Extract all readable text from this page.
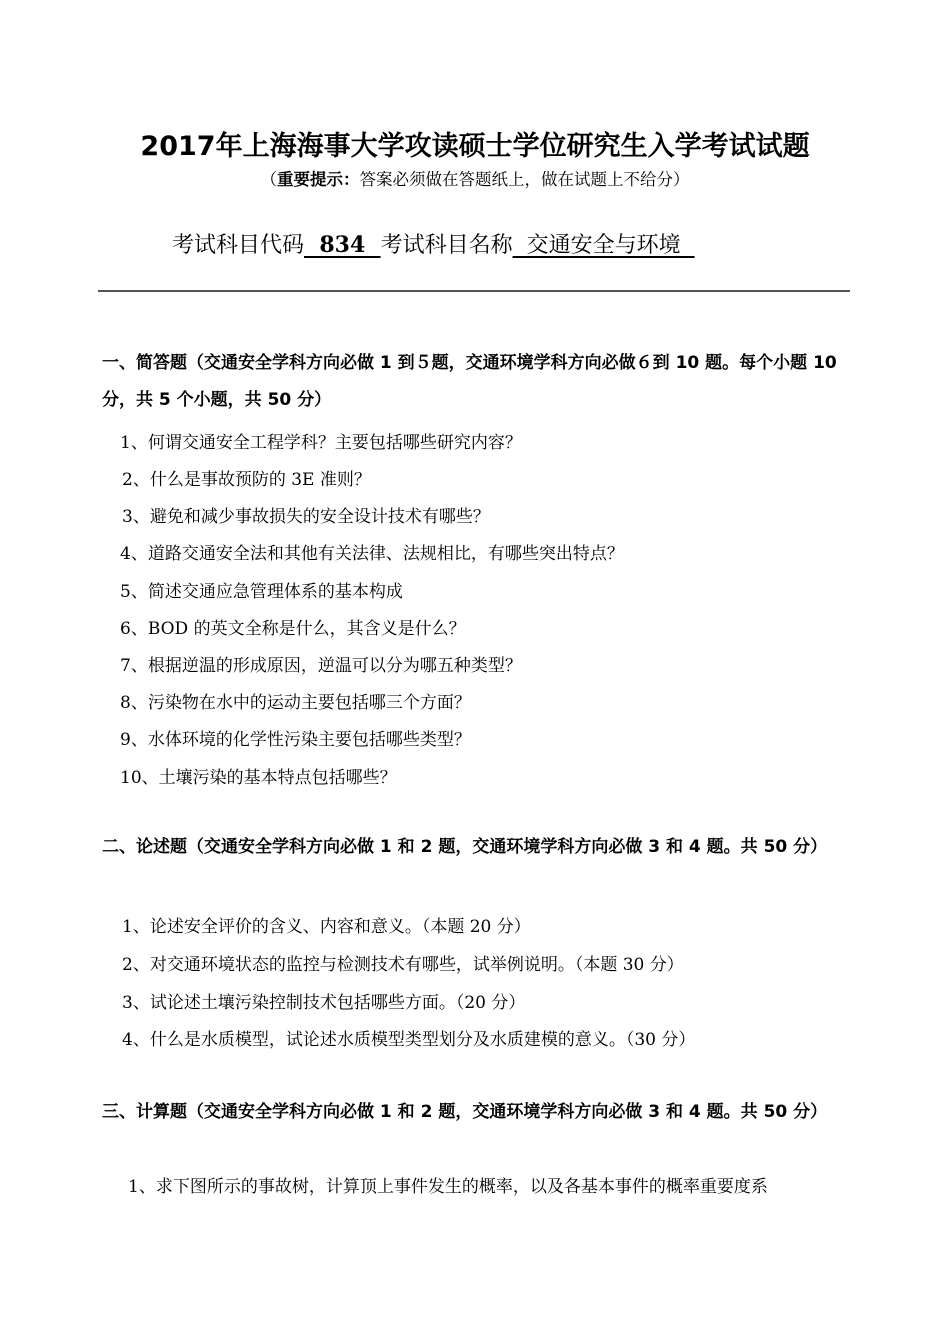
2017年上海海事大学攻读硕士学位研究生入学考试试题
（重要提示：答案必须做在答题纸上，做在试题上不给分）
考试科目代码  834  考试科目名称  交通安全与环境
一、简答题（交通安全学科方向必做 1 到５题，交通环境学科方向必做６到 10 题。每个小题 10 分，共 5 个小题，共 50 分）
1、何谓交通安全工程学科？主要包括哪些研究内容？
2、什么是事故预防的 3E 准则？
3、避免和减少事故损失的安全设计技术有哪些？
4、道路交通安全法和其他有关法律、法规相比，有哪些突出特点？
5、简述交通应急管理体系的基本构成
6、BOD 的英文全称是什么，其含义是什么？
7、根据逆温的形成原因，逆温可以分为哪五种类型？
8、污染物在水中的运动主要包括哪三个方面？
9、水体环境的化学性污染主要包括哪些类型？
10、土壤污染的基本特点包括哪些？
二、论述题（交通安全学科方向必做 1 和 2 题，交通环境学科方向必做 3 和 4 题。共 50 分）
1、论述安全评价的含义、内容和意义。（本题 20 分）
2、对交通环境状态的监控与检测技术有哪些，试举例说明。（本题 30 分）
3、试论述土壤污染控制技术包括哪些方面。（20 分）
4、什么是水质模型，试论述水质模型类型划分及水质建模的意义。（30 分）
三、计算题（交通安全学科方向必做 1 和 2 题，交通环境学科方向必做 3 和 4 题。共 50 分）
1、求下图所示的事故树，计算顶上事件发生的概率，以及各基本事件的概率重要度系
